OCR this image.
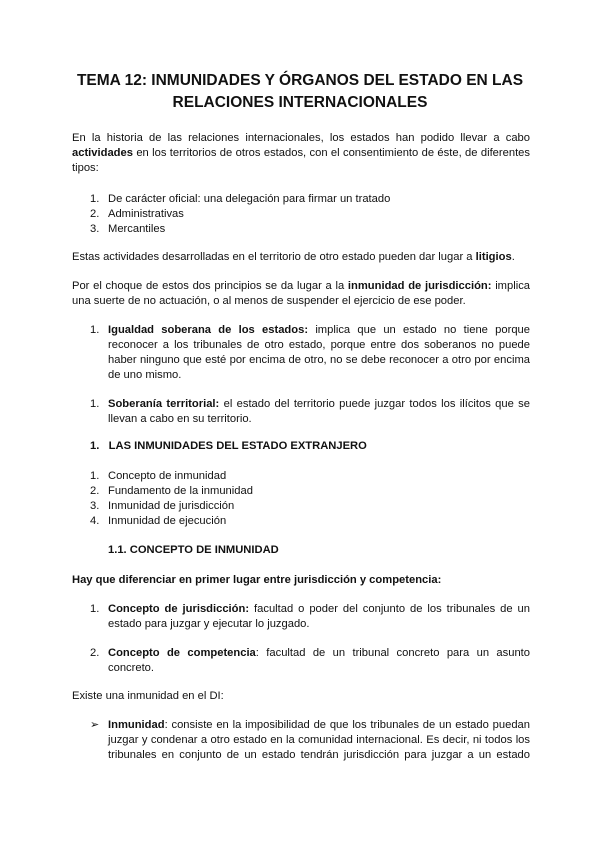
TEMA 12: INMUNIDADES Y ÓRGANOS DEL ESTADO EN LAS
RELACIONES INTERNACIONALES
En la historia de las relaciones internacionales, los estados han podido llevar a cabo
actividades en los territorios de otros estados, con el consentimiento de éste, de diferentes
tipos:
1. De carácter oficial: una delegación para firmar un tratado
2. Administrativas
3. Mercantiles
Estas actividades desarrolladas en el territorio de otro estado pueden dar lugar a litigios.
Por el choque de estos dos principios se da lugar a la inmunidad de jurisdicción: implica
una suerte de no actuación, o al menos de suspender el ejercicio de ese poder.
1. Igualdad soberana de los estados: implica que un estado no tiene porque
reconocer a los tribunales de otro estado, porque entre dos soberanos no puede
haber ninguno que esté por encima de otro, no se debe reconocer a otro por encima
de uno mismo.
1. Soberanía territorial: el estado del territorio puede juzgar todos los ilícitos que se
llevan a cabo en su territorio.
1. LAS INMUNIDADES DEL ESTADO EXTRANJERO
1. Concepto de inmunidad
2. Fundamento de la inmunidad
3. Inmunidad de jurisdicción
4. Inmunidad de ejecución
1.1. CONCEPTO DE INMUNIDAD
Hay que diferenciar en primer lugar entre jurisdicción y competencia:
1. Concepto de jurisdicción: facultad o poder del conjunto de los tribunales de un
estado para juzgar y ejecutar lo juzgado.
2. Concepto de competencia: facultad de un tribunal concreto para un asunto
concreto.
Existe una inmunidad en el DI:
➢ Inmunidad: consiste en la imposibilidad de que los tribunales de un estado puedan
juzgar y condenar a otro estado en la comunidad internacional. Es decir, ni todos los
tribunales en conjunto de un estado tendrán jurisdicción para juzgar a un estado
